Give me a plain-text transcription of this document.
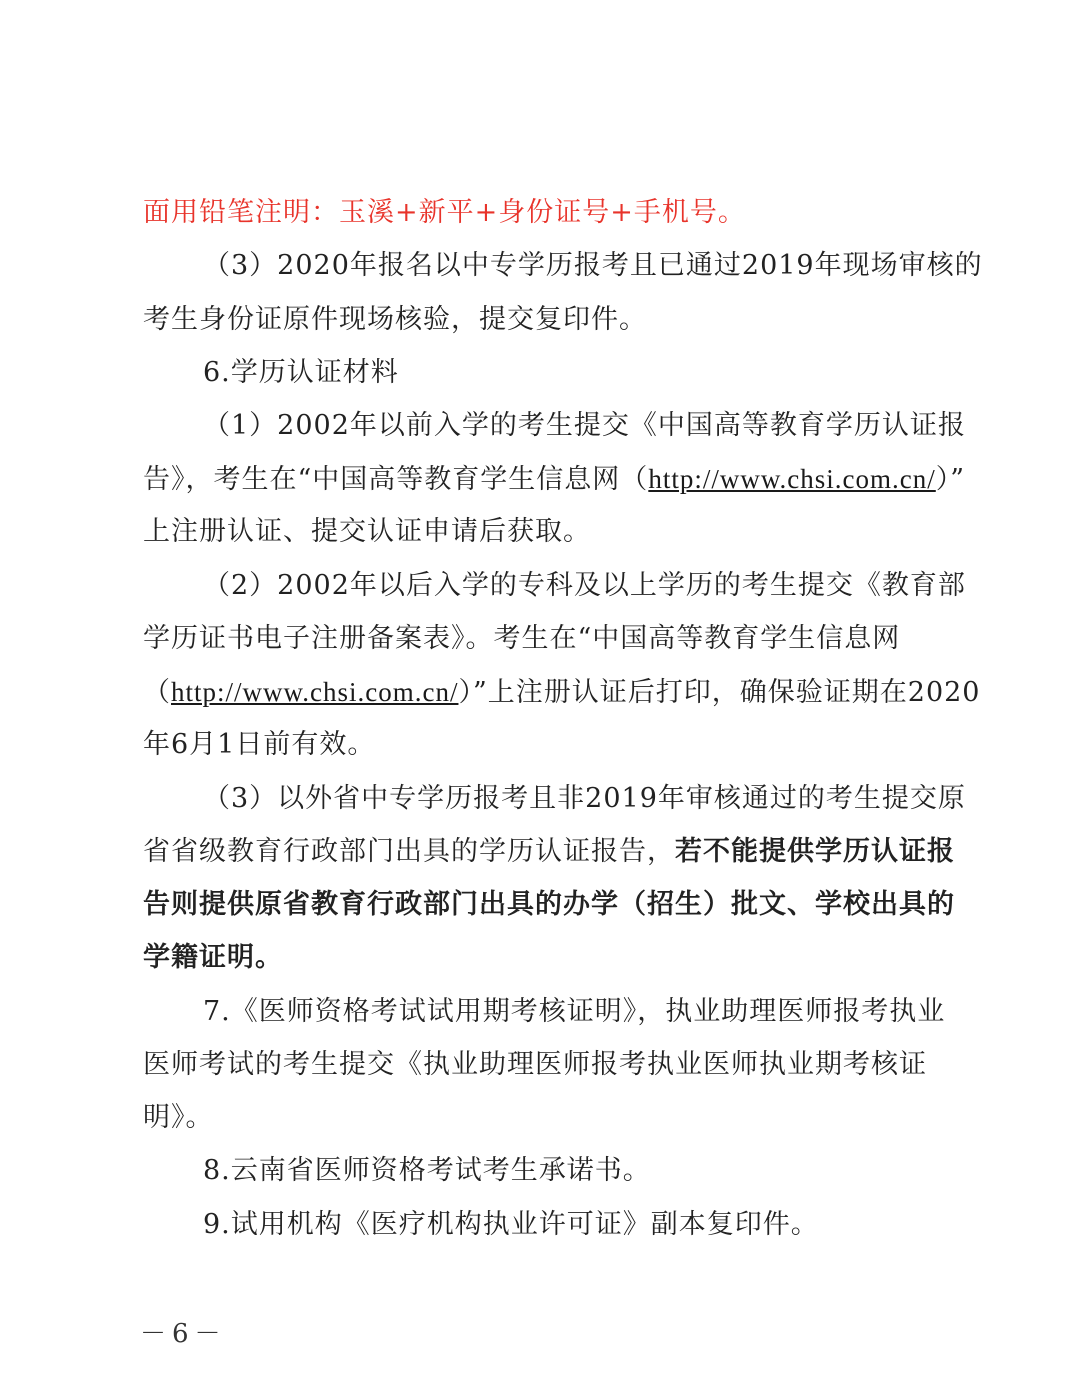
面用铅笔注明：玉溪+新平+身份证号+手机号。
（3）2020年报名以中专学历报考且已通过2019年现场审核的
考生身份证原件现场核验，提交复印件。
6.学历认证材料
（1）2002年以前入学的考生提交《中国高等教育学历认证报
告》，考生在“中国高等教育学生信息网（http://www.chsi.com.cn/）”
上注册认证、提交认证申请后获取。
（2）2002年以后入学的专科及以上学历的考生提交《教育部
学历证书电子注册备案表》。考生在“中国高等教育学生信息网
（http://www.chsi.com.cn/）”上注册认证后打印，确保验证期在2020
年6月1日前有效。
（3）以外省中专学历报考且非2019年审核通过的考生提交原
省省级教育行政部门出具的学历认证报告，若不能提供学历认证报
告则提供原省教育行政部门出具的办学（招生）批文、学校出具的
学籍证明。
7.《医师资格考试试用期考核证明》，执业助理医师报考执业
医师考试的考生提交《执业助理医师报考执业医师执业期考核证
明》。
8.云南省医师资格考试考生承诺书。
9.试用机构《医疗机构执业许可证》副本复印件。
－6－
